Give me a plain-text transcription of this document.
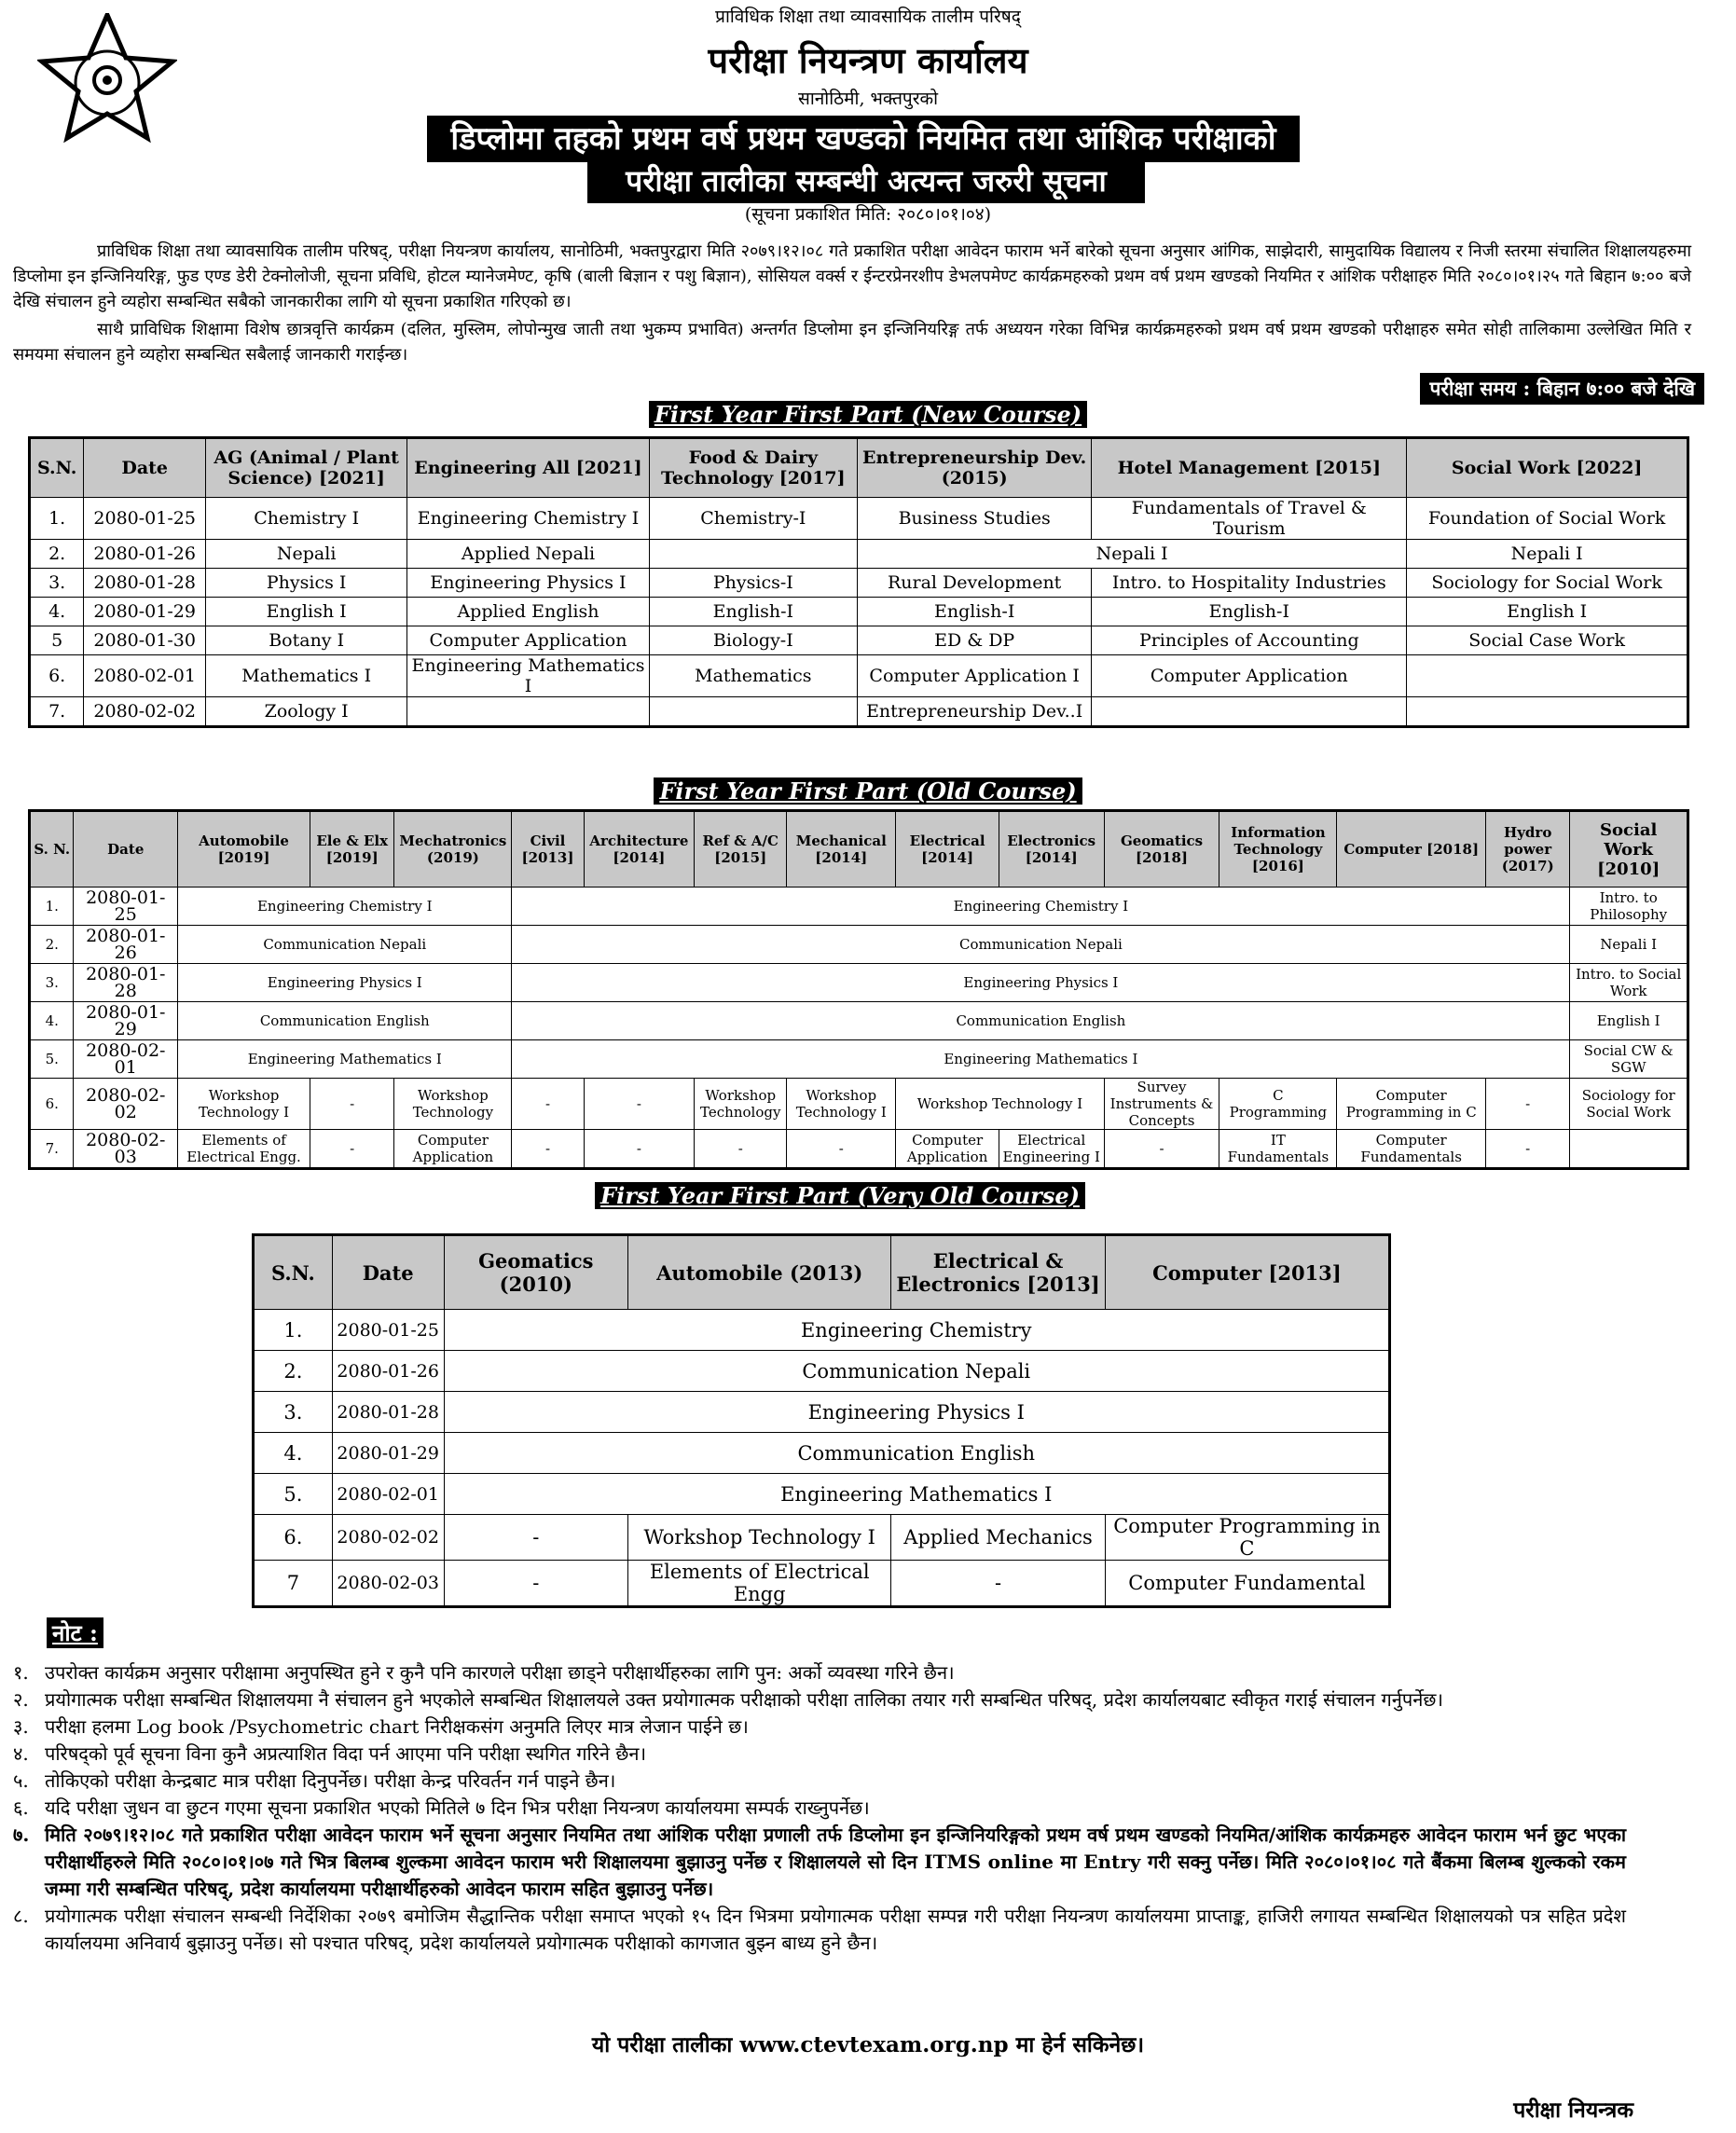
प्राविधिक शिक्षा तथा व्यावसायिक तालीम परिषद्
परीक्षा नियन्त्रण कार्यालय
सानोठिमी, भक्तपुरको
डिप्लोमा तहको प्रथम वर्ष प्रथम खण्डको नियमित तथा आंशिक परीक्षाको
परीक्षा तालीका सम्बन्धी अत्यन्त जरुरी सूचना
(सूचना प्रकाशित मिति: २०८०।०१।०४)
प्राविधिक शिक्षा तथा व्यावसायिक तालीम परिषद्, परीक्षा नियन्त्रण कार्यालय, सानोठिमी, भक्तपुरद्वारा मिति २०७९।१२।०८ गते प्रकाशित परीक्षा आवेदन फाराम भर्ने बारेको सूचना अनुसार आंगिक, साझेदारी, सामुदायिक विद्यालय र निजी स्तरमा संचालित शिक्षालयहरुमा डिप्लोमा इन इन्जिनियरिङ्ग, फुड एण्ड डेरी टेक्नोलोजी, सूचना प्रविधि, होटल म्यानेजमेण्ट, कृषि (बाली बिज्ञान र पशु बिज्ञान), सोसियल वर्क्स र ईन्टरप्रेनरशीप डेभलपमेण्ट कार्यक्रमहरुको प्रथम वर्ष प्रथम खण्डको नियमित र आंशिक परीक्षाहरु मिति २०८०।०१।२५ गते बिहान ७:०० बजे देखि संचालन हुने व्यहोरा सम्बन्धित सबैको जानकारीका लागि यो सूचना प्रकाशित गरिएको छ।
साथै प्राविधिक शिक्षामा विशेष छात्रवृत्ति कार्यक्रम (दलित, मुस्लिम, लोपोन्मुख जाती तथा भुकम्प प्रभावित) अन्तर्गत डिप्लोमा इन इन्जिनियरिङ्ग तर्फ अध्ययन गरेका विभिन्न कार्यक्रमहरुको प्रथम वर्ष प्रथम खण्डको परीक्षाहरु समेत सोही तालिकामा उल्लेखित मिति र समयमा संचालन हुने व्यहोरा सम्बन्धित सबैलाई जानकारी गराईन्छ।
परीक्षा समय : बिहान ७:०० बजे देखि
First Year First Part (New Course)
S.N.	Date	AG (Animal / Plant Science) [2021]	Engineering All [2021]	Food & Dairy Technology [2017]	Entrepreneurship Dev. (2015)	Hotel Management [2015]	Social Work [2022]
1.	2080-01-25	Chemistry I	Engineering Chemistry I	Chemistry-I	Business Studies	Fundamentals of Travel & Tourism	Foundation of Social Work
2.	2080-01-26	Nepali	Applied Nepali		Nepali I		Nepali I
3.	2080-01-28	Physics I	Engineering Physics I	Physics-I	Rural Development	Intro. to Hospitality Industries	Sociology for Social Work
4.	2080-01-29	English I	Applied English	English-I	English-I	English-I	English I
5	2080-01-30	Botany I	Computer Application	Biology-I	ED & DP	Principles of Accounting	Social Case Work
6.	2080-02-01	Mathematics I	Engineering Mathematics I	Mathematics	Computer Application I	Computer Application	
7.	2080-02-02	Zoology I			Entrepreneurship Dev..I		
First Year First Part (Old Course)
S. N.	Date	Automobile [2019]	Ele & Elx [2019]	Mechatronics (2019)	Civil [2013]	Architecture [2014]	Ref & A/C [2015]	Mechanical [2014]	Electrical [2014]	Electronics [2014]	Geomatics [2018]	Information Technology [2016]	Computer [2018]	Hydro power (2017)	Social Work [2010]
1.	2080-01-25	Engineering Chemistry I			Engineering Chemistry I										Intro. to Philosophy
2.	2080-01-26	Communication Nepali			Communication Nepali										Nepali I
3.	2080-01-28	Engineering Physics I			Engineering Physics I										Intro. to Social Work
4.	2080-01-29	Communication English			Communication English										English I
5.	2080-02-01	Engineering Mathematics I			Engineering Mathematics I										Social CW & SGW
6.	2080-02-02	Workshop Technology I	-	Workshop Technology	-	-	Workshop Technology	Workshop Technology I	Workshop Technology I		Survey Instruments & Concepts	C Programming	Computer Programming in C	-	Sociology for Social Work
7.	2080-02-03	Elements of Electrical Engg.	-	Computer Application	-	-	-	-	Computer Application	Electrical Engineering I	-	IT Fundamentals	Computer Fundamentals	-	
First Year First Part (Very Old Course)
S.N.	Date	Geomatics (2010)	Automobile (2013)	Electrical & Electronics [2013]	Computer [2013]
1.	2080-01-25	Engineering Chemistry			
2.	2080-01-26	Communication Nepali			
3.	2080-01-28	Engineering Physics I			
4.	2080-01-29	Communication English			
5.	2080-02-01	Engineering Mathematics I			
6.	2080-02-02	-	Workshop Technology I	Applied Mechanics	Computer Programming in C
7	2080-02-03	-	Elements of Electrical Engg	-	Computer Fundamental
नोट :
१. उपरोक्त कार्यक्रम अनुसार परीक्षामा अनुपस्थित हुने र कुनै पनि कारणले परीक्षा छाड्ने परीक्षार्थीहरुका लागि पुन: अर्को व्यवस्था गरिने छैन।
२. प्रयोगात्मक परीक्षा सम्बन्धित शिक्षालयमा नै संचालन हुने भएकोले सम्बन्धित शिक्षालयले उक्त प्रयोगात्मक परीक्षाको परीक्षा तालिका तयार गरी सम्बन्धित परिषद्, प्रदेश कार्यालयबाट स्वीकृत गराई संचालन गर्नुपर्नेछ।
३. परीक्षा हलमा Log book /Psychometric chart निरीक्षकसंग अनुमति लिएर मात्र लेजान पाईने छ।
४. परिषद्को पूर्व सूचना विना कुनै अप्रत्याशित विदा पर्न आएमा पनि परीक्षा स्थगित गरिने छैन।
५. तोकिएको परीक्षा केन्द्रबाट मात्र परीक्षा दिनुपर्नेछ। परीक्षा केन्द्र परिवर्तन गर्न पाइने छैन।
६. यदि परीक्षा जुधन वा छुटन गएमा सूचना प्रकाशित भएको मितिले ७ दिन भित्र परीक्षा नियन्त्रण कार्यालयमा सम्पर्क राख्नुपर्नेछ।
७. मिति २०७९।१२।०८ गते प्रकाशित परीक्षा आवेदन फाराम भर्ने सूचना अनुसार नियमित तथा आंशिक परीक्षा प्रणाली तर्फ डिप्लोमा इन इन्जिनियरिङ्गको प्रथम वर्ष प्रथम खण्डको नियमित/आंशिक कार्यक्रमहरु आवेदन फाराम भर्न छुट भएका परीक्षार्थीहरुले मिति २०८०।०१।०७ गते भित्र बिलम्ब शुल्कमा आवेदन फाराम भरी शिक्षालयमा बुझाउनु पर्नेछ र शिक्षालयले सो दिन ITMS online मा Entry गरी सक्नु पर्नेछ। मिति २०८०।०१।०८ गते बैंकमा बिलम्ब शुल्कको रकम जम्मा गरी सम्बन्धित परिषद्, प्रदेश कार्यालयमा परीक्षार्थीहरुको आवेदन फाराम सहित बुझाउनु पर्नेछ।
८. प्रयोगात्मक परीक्षा संचालन सम्बन्धी निर्देशिका २०७९ बमोजिम सैद्धान्तिक परीक्षा समाप्त भएको १५ दिन भित्रमा प्रयोगात्मक परीक्षा सम्पन्न गरी परीक्षा नियन्त्रण कार्यालयमा प्राप्ताङ्क, हाजिरी लगायत सम्बन्धित शिक्षालयको पत्र सहित प्रदेश कार्यालयमा अनिवार्य बुझाउनु पर्नेछ। सो पश्चात परिषद्, प्रदेश कार्यालयले प्रयोगात्मक परीक्षाको कागजात बुझ्न बाध्य हुने छैन।
यो परीक्षा तालीका www.ctevtexam.org.np मा हेर्न सकिनेछ।
परीक्षा नियन्त्रक
